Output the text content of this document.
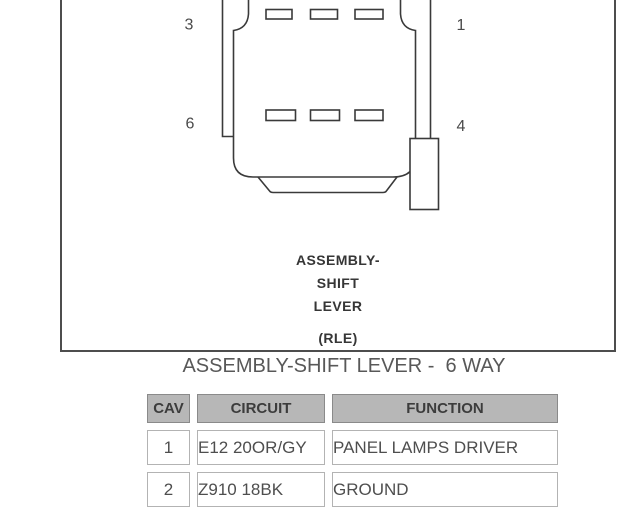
3	1
6	4
ASSEMBLY-
SHIFT
LEVER
(RLE)
ASSEMBLY-SHIFT LEVER -  6 WAY
CAV	CIRCUIT	FUNCTION
1	E12 20OR/GY	PANEL LAMPS DRIVER
2	Z910 18BK	GROUND
